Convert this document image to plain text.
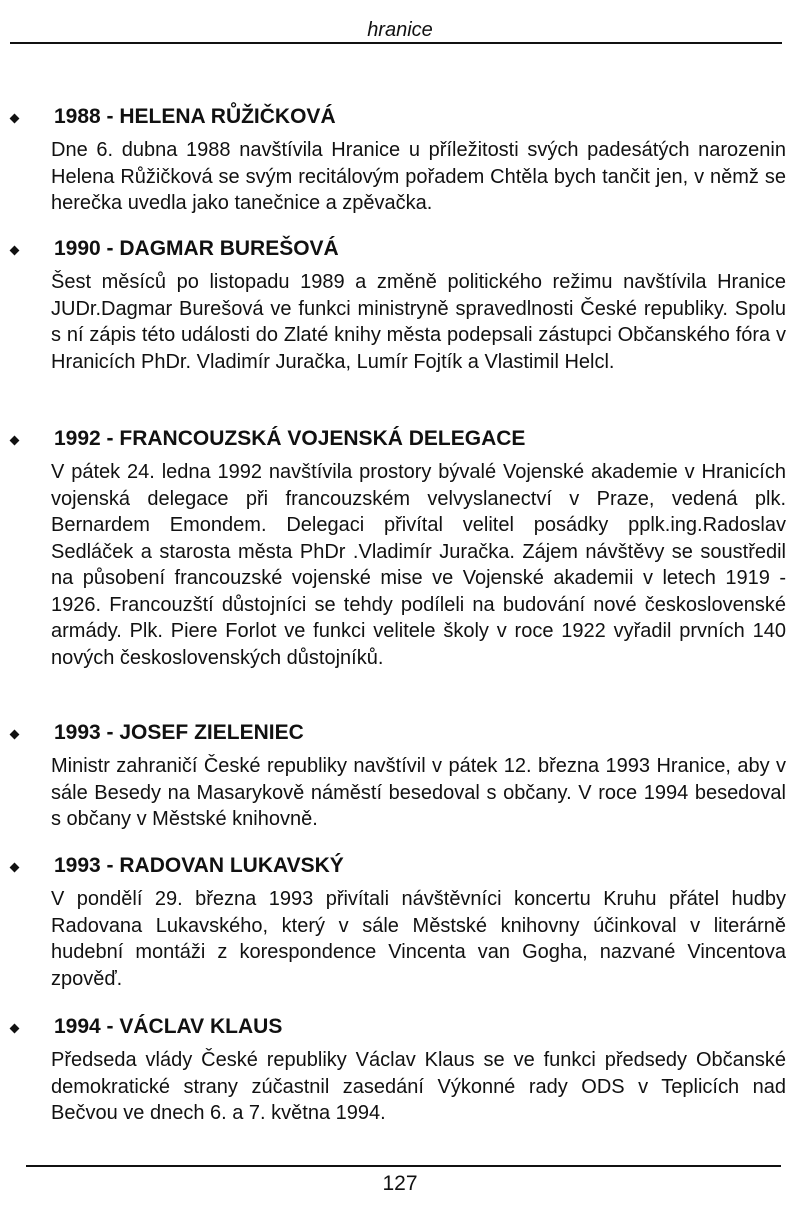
hranice
1988 - HELENA RŮŽIČKOVÁ
Dne 6. dubna 1988 navštívila Hranice u příležitosti svých padesátých narozenin Helena Růžičková se svým recitálovým pořadem Chtěla bych tančit jen, v němž se herečka uvedla jako tanečnice a zpěvačka.
1990 - DAGMAR BUREŠOVÁ
Šest měsíců po listopadu 1989 a změně politického režimu navštívila Hranice JUDr.Dagmar Burešová ve funkci ministryně spravedlnosti České republiky. Spolu s ní zápis této události do Zlaté knihy města podepsali zástupci Občanského fóra v Hranicích PhDr. Vladimír Juračka, Lumír Fojtík a Vlastimil Helcl.
1992 - FRANCOUZSKÁ VOJENSKÁ DELEGACE
V pátek 24. ledna 1992 navštívila prostory bývalé Vojenské akademie v Hranicích vojenská delegace při francouzském velvyslanectví v Praze, vedená plk. Bernardem Emondem. Delegaci přivítal velitel posádky pplk.ing.Radoslav Sedláček a starosta města PhDr .Vladimír Juračka. Zájem návštěvy se soustředil na působení francouzské vojenské mise ve Vojenské akademii v letech 1919 - 1926. Francouzští důstojníci se tehdy podíleli na budování nové československé armády. Plk. Piere Forlot ve funkci velitele školy v roce 1922 vyřadil prvních 140 nových československých důstojníků.
1993 - JOSEF ZIELENIEC
Ministr zahraničí České republiky navštívil v pátek 12. března 1993 Hranice, aby v sále Besedy na Masarykově náměstí besedoval s občany. V roce 1994 besedoval s občany v Městské knihovně.
1993 - RADOVAN LUKAVSKÝ
V pondělí 29. března 1993 přivítali návštěvníci koncertu Kruhu přátel hudby Radovana Lukavského, který v sále Městské knihovny účinkoval v literárně hudební montáži z korespondence Vincenta van Gogha, nazvané Vincentova zpověď.
1994 - VÁCLAV KLAUS
Předseda vlády České republiky Václav Klaus se ve funkci předsedy Občanské demokratické strany zúčastnil zasedání Výkonné rady ODS v Teplicích nad Bečvou ve dnech 6. a 7. května 1994.
127
